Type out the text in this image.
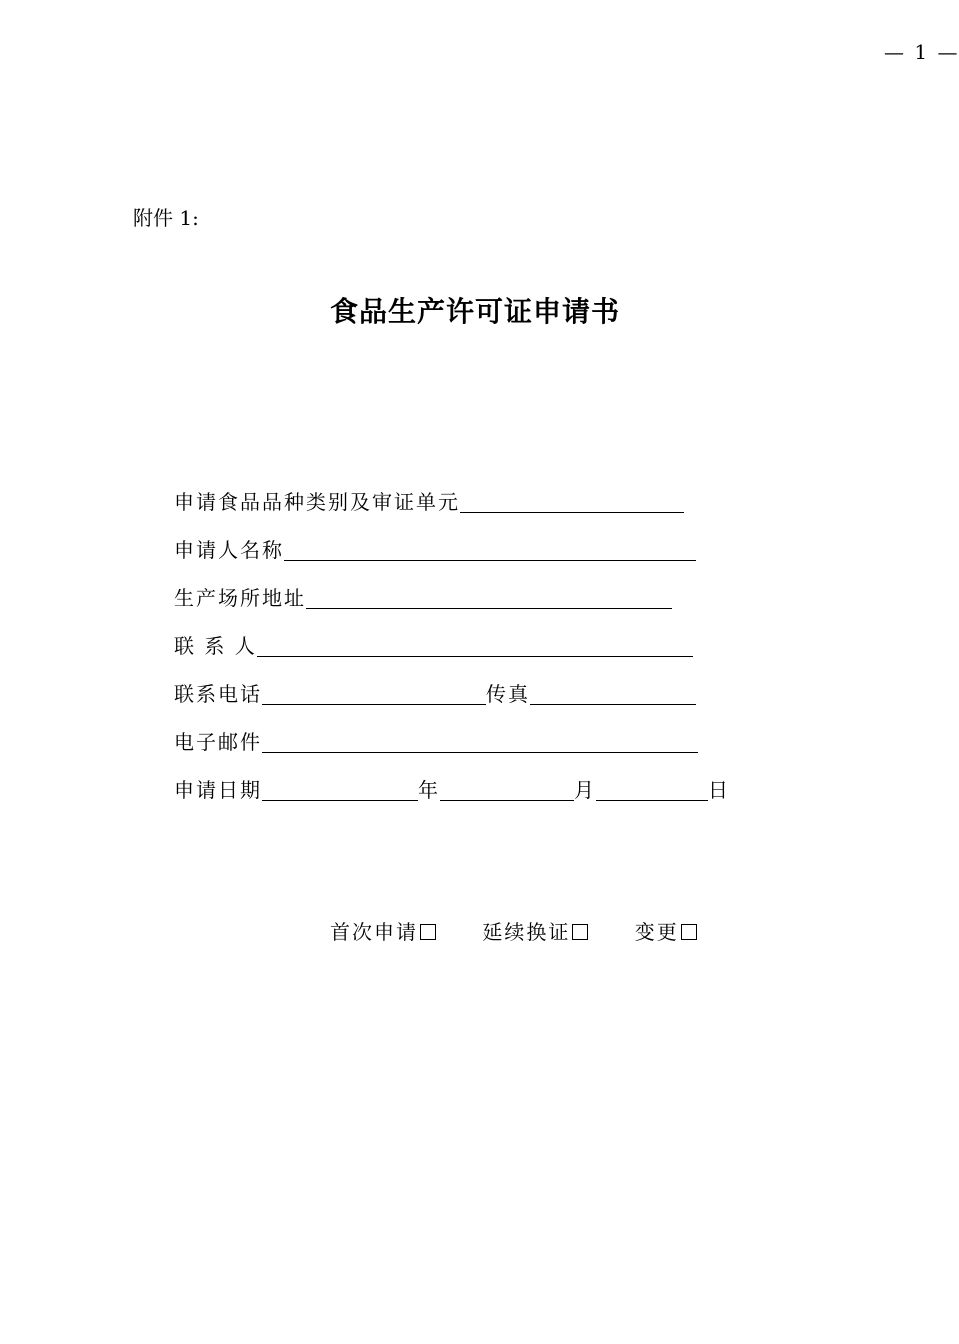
— 1 —
附件 1:
食品生产许可证申请书
申请食品品种类别及审证单元
申请人名称
生产场所地址
联 系 人
联系电话	传真
电子邮件
申请日期	年	月	日
首次申请	延续换证	变更
